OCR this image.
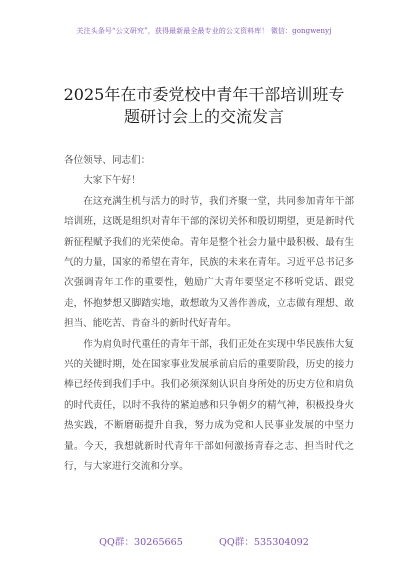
关注头条号“公文研究”，获得最新最全最专业的公文资料库！ 微信：gongwenyj
2025年在市委党校中青年干部培训班专
题研讨会上的交流发言

各位领导、同志们：

大家下午好！

在这充满生机与活力的时节，我们齐聚一堂，共同参加青年干部培训班，这既是组织对青年干部的深切关怀和殷切期望，更是新时代新征程赋予我们的光荣使命。青年是整个社会力量中最积极、最有生气的力量，国家的希望在青年，民族的未来在青年。习近平总书记多次强调青年工作的重要性，勉励广大青年要坚定不移听党话、跟党走，怀抱梦想又脚踏实地，敢想敢为又善作善成，立志做有理想、敢担当、能吃苦、肯奋斗的新时代好青年。

作为肩负时代重任的青年干部，我们正处在实现中华民族伟大复兴的关键时期，处在国家事业发展承前启后的重要阶段，历史的接力棒已经传到我们手中。我们必须深刻认识自身所处的历史方位和肩负的时代责任，以时不我待的紧迫感和只争朝夕的精气神，积极投身火热实践，不断磨砺提升自我，努力成为党和人民事业发展的中坚力量。今天，我想就新时代青年干部如何激扬青春之志、担当时代之行，与大家进行交流和分享。

QQ群：30265665	QQ群：535304092
